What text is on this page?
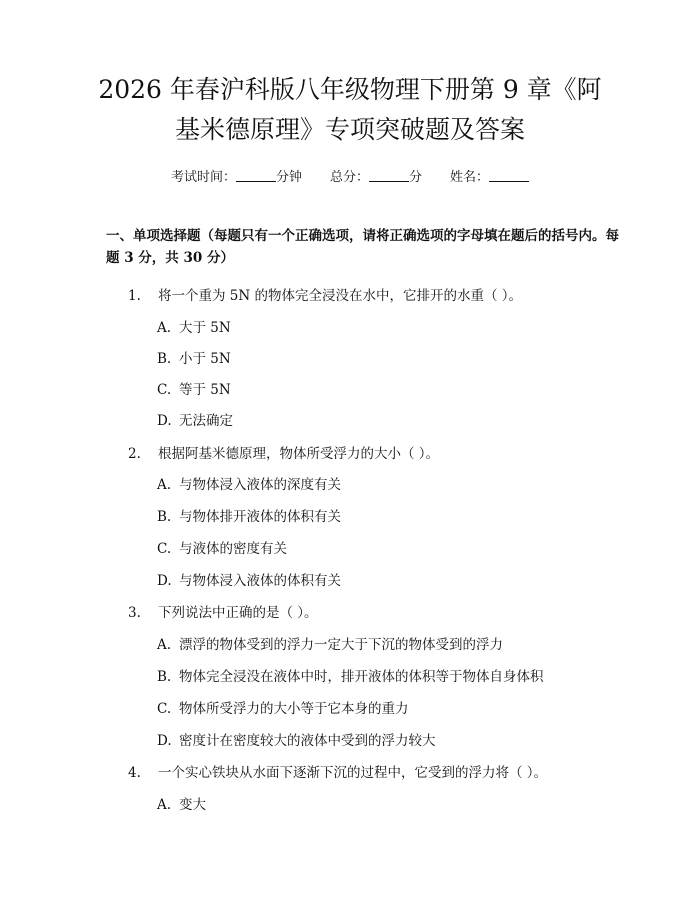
2026 年春沪科版八年级物理下册第 9 章《阿
基米德原理》专项突破题及答案
考试时间：	分钟 总分：	分 姓名：

一、单项选择题（每题只有一个正确选项，请将正确选项的字母填在题后的括号内。每题 3 分，共 30 分）

1. 将一个重为 5N 的物体完全浸没在水中，它排开的水重（ ）。
A. 大于 5N
B. 小于 5N
C. 等于 5N
D. 无法确定
2. 根据阿基米德原理，物体所受浮力的大小（ ）。
A. 与物体浸入液体的深度有关
B. 与物体排开液体的体积有关
C. 与液体的密度有关
D. 与物体浸入液体的体积有关
3. 下列说法中正确的是（ ）。
A. 漂浮的物体受到的浮力一定大于下沉的物体受到的浮力
B. 物体完全浸没在液体中时，排开液体的体积等于物体自身体积
C. 物体所受浮力的大小等于它本身的重力
D. 密度计在密度较大的液体中受到的浮力较大
4. 一个实心铁块从水面下逐渐下沉的过程中，它受到的浮力将（ ）。
A. 变大
